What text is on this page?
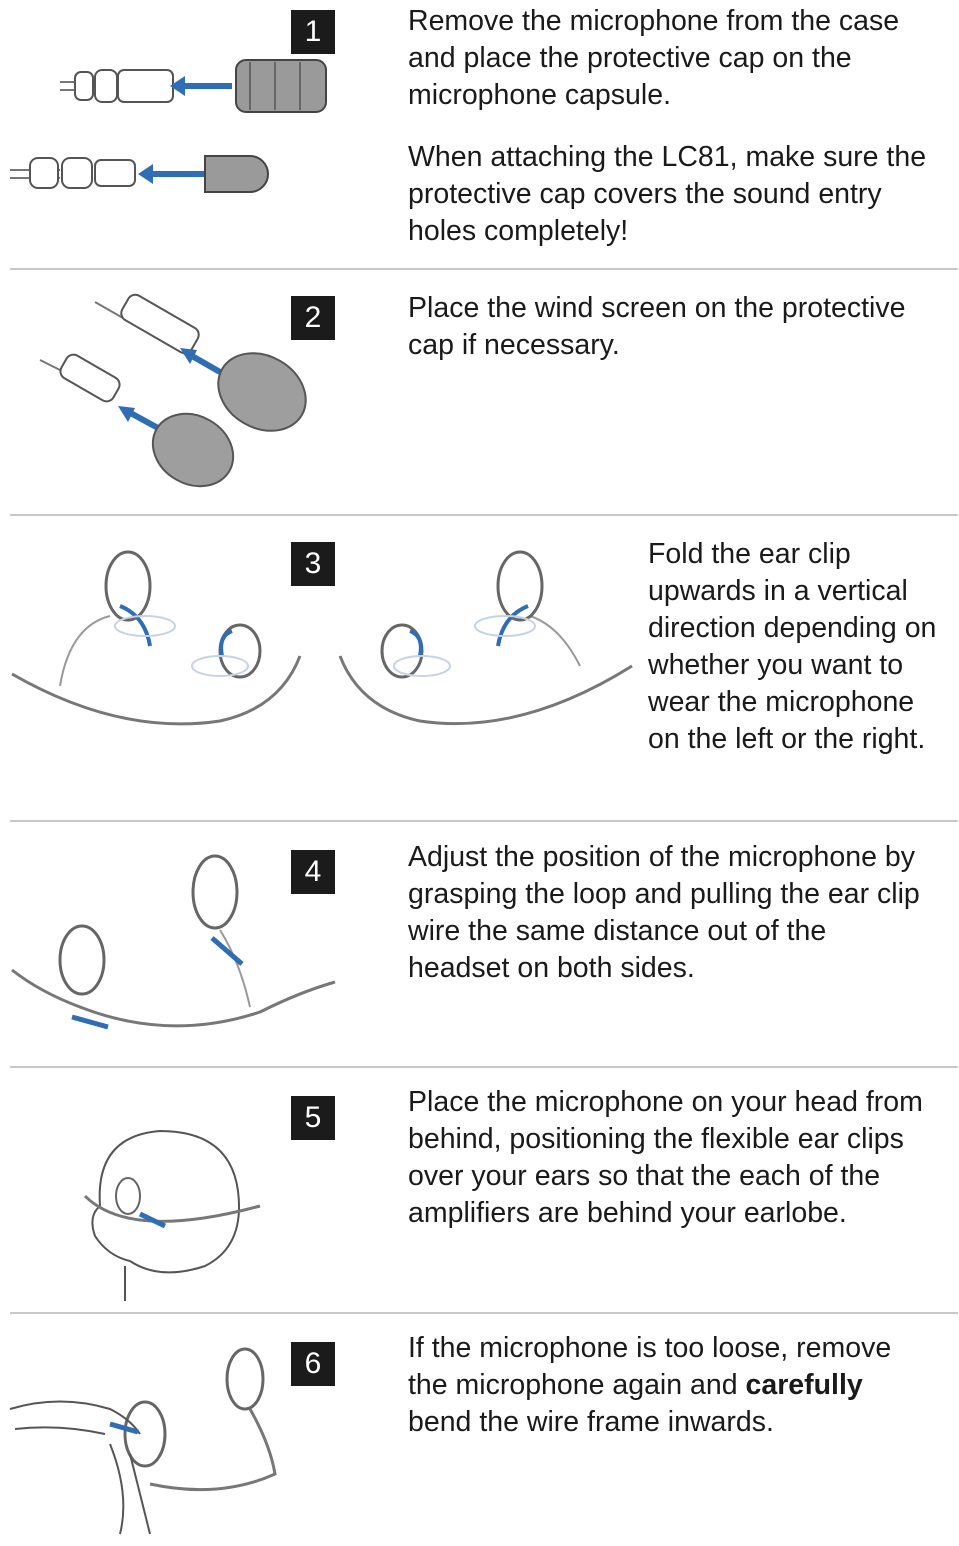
1	Remove the microphone from the case and place the protective cap on the microphone capsule.

When attaching the LC81, make sure the protective cap covers the sound entry holes completely!

2	Place the wind screen on the protective cap if necessary.
3	Fold the ear clip upwards in a vertical direction depending on whether you want to wear the microphone on the left or the right.
4	Adjust the position of the microphone by grasping the loop and pulling the ear clip wire the same distance out of the headset on both sides.
5	Place the microphone on your head from behind, positioning the flexible ear clips over your ears so that the each of the amplifiers are behind your earlobe.
6	If the microphone is too loose, remove the microphone again and carefully bend the wire frame inwards.
